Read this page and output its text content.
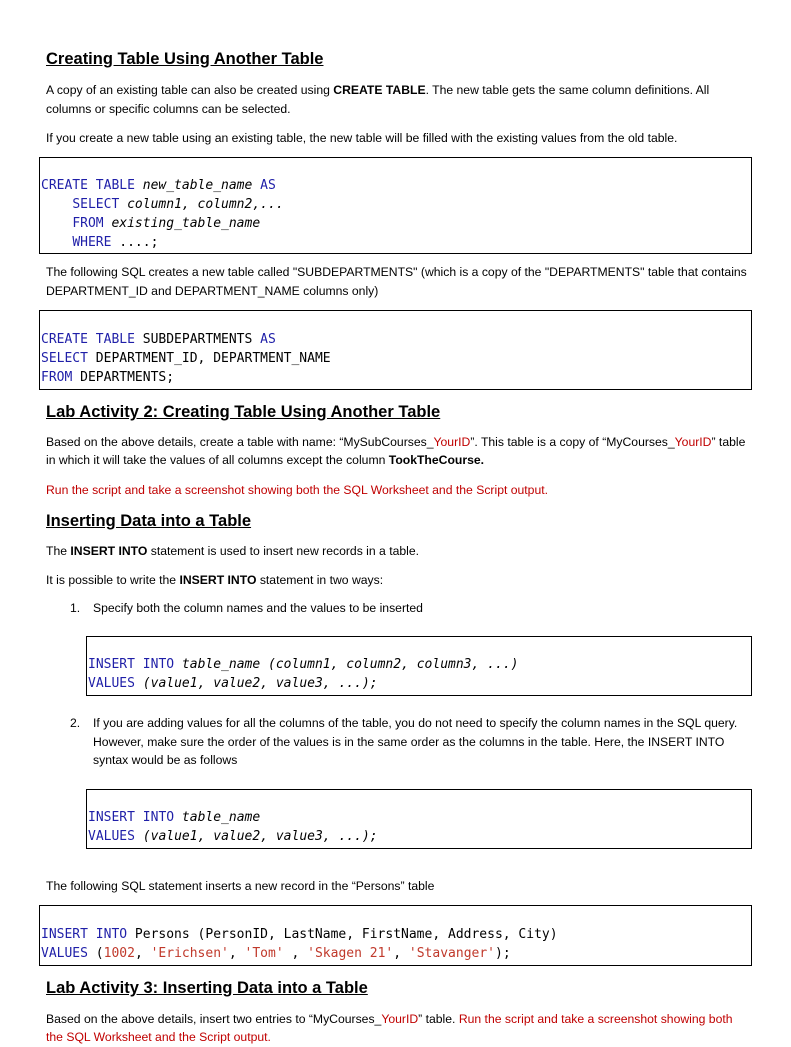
Creating Table Using Another Table

A copy of an existing table can also be created using CREATE TABLE. The new table gets the same column definitions. All columns or specific columns can be selected.

If you create a new table using an existing table, the new table will be filled with the existing values from the old table.

CREATE TABLE new_table_name AS
SELECT column1, column2,...
FROM existing_table_name
WHERE ....;

The following SQL creates a new table called "SUBDEPARTMENTS" (which is a copy of the "DEPARTMENTS" table that contains DEPARTMENT_ID and DEPARTMENT_NAME columns only)

CREATE TABLE SUBDEPARTMENTS AS
SELECT DEPARTMENT_ID, DEPARTMENT_NAME
FROM DEPARTMENTS;
Lab Activity 2: Creating Table Using Another Table

Based on the above details, create a table with name: “MySubCourses_YourID”. This table is a copy of “MyCourses_YourID” table in which it will take the values of all columns except the column TookTheCourse.

Run the script and take a screenshot showing both the SQL Worksheet and the Script output.

Inserting Data into a Table

The INSERT INTO statement is used to insert new records in a table.

It is possible to write the INSERT INTO statement in two ways:

1.	Specify both the column names and the values to be inserted

INSERT INTO table_name (column1, column2, column3, ...)
VALUES (value1, value2, value3, ...);
2.	If you are adding values for all the columns of the table, you do not need to specify the column names in the SQL query. However, make sure the order of the values is in the same order as the columns in the table. Here, the INSERT INTO syntax would be as follows

INSERT INTO table_name
VALUES (value1, value2, value3, ...);

The following SQL statement inserts a new record in the “Persons” table

INSERT INTO Persons (PersonID, LastName, FirstName, Address, City)
VALUES (1002, 'Erichsen', 'Tom' , 'Skagen 21', 'Stavanger');
Lab Activity 3: Inserting Data into a Table

Based on the above details, insert two entries to “MyCourses_YourID” table. Run the script and take a screenshot showing both the SQL Worksheet and the Script output.
